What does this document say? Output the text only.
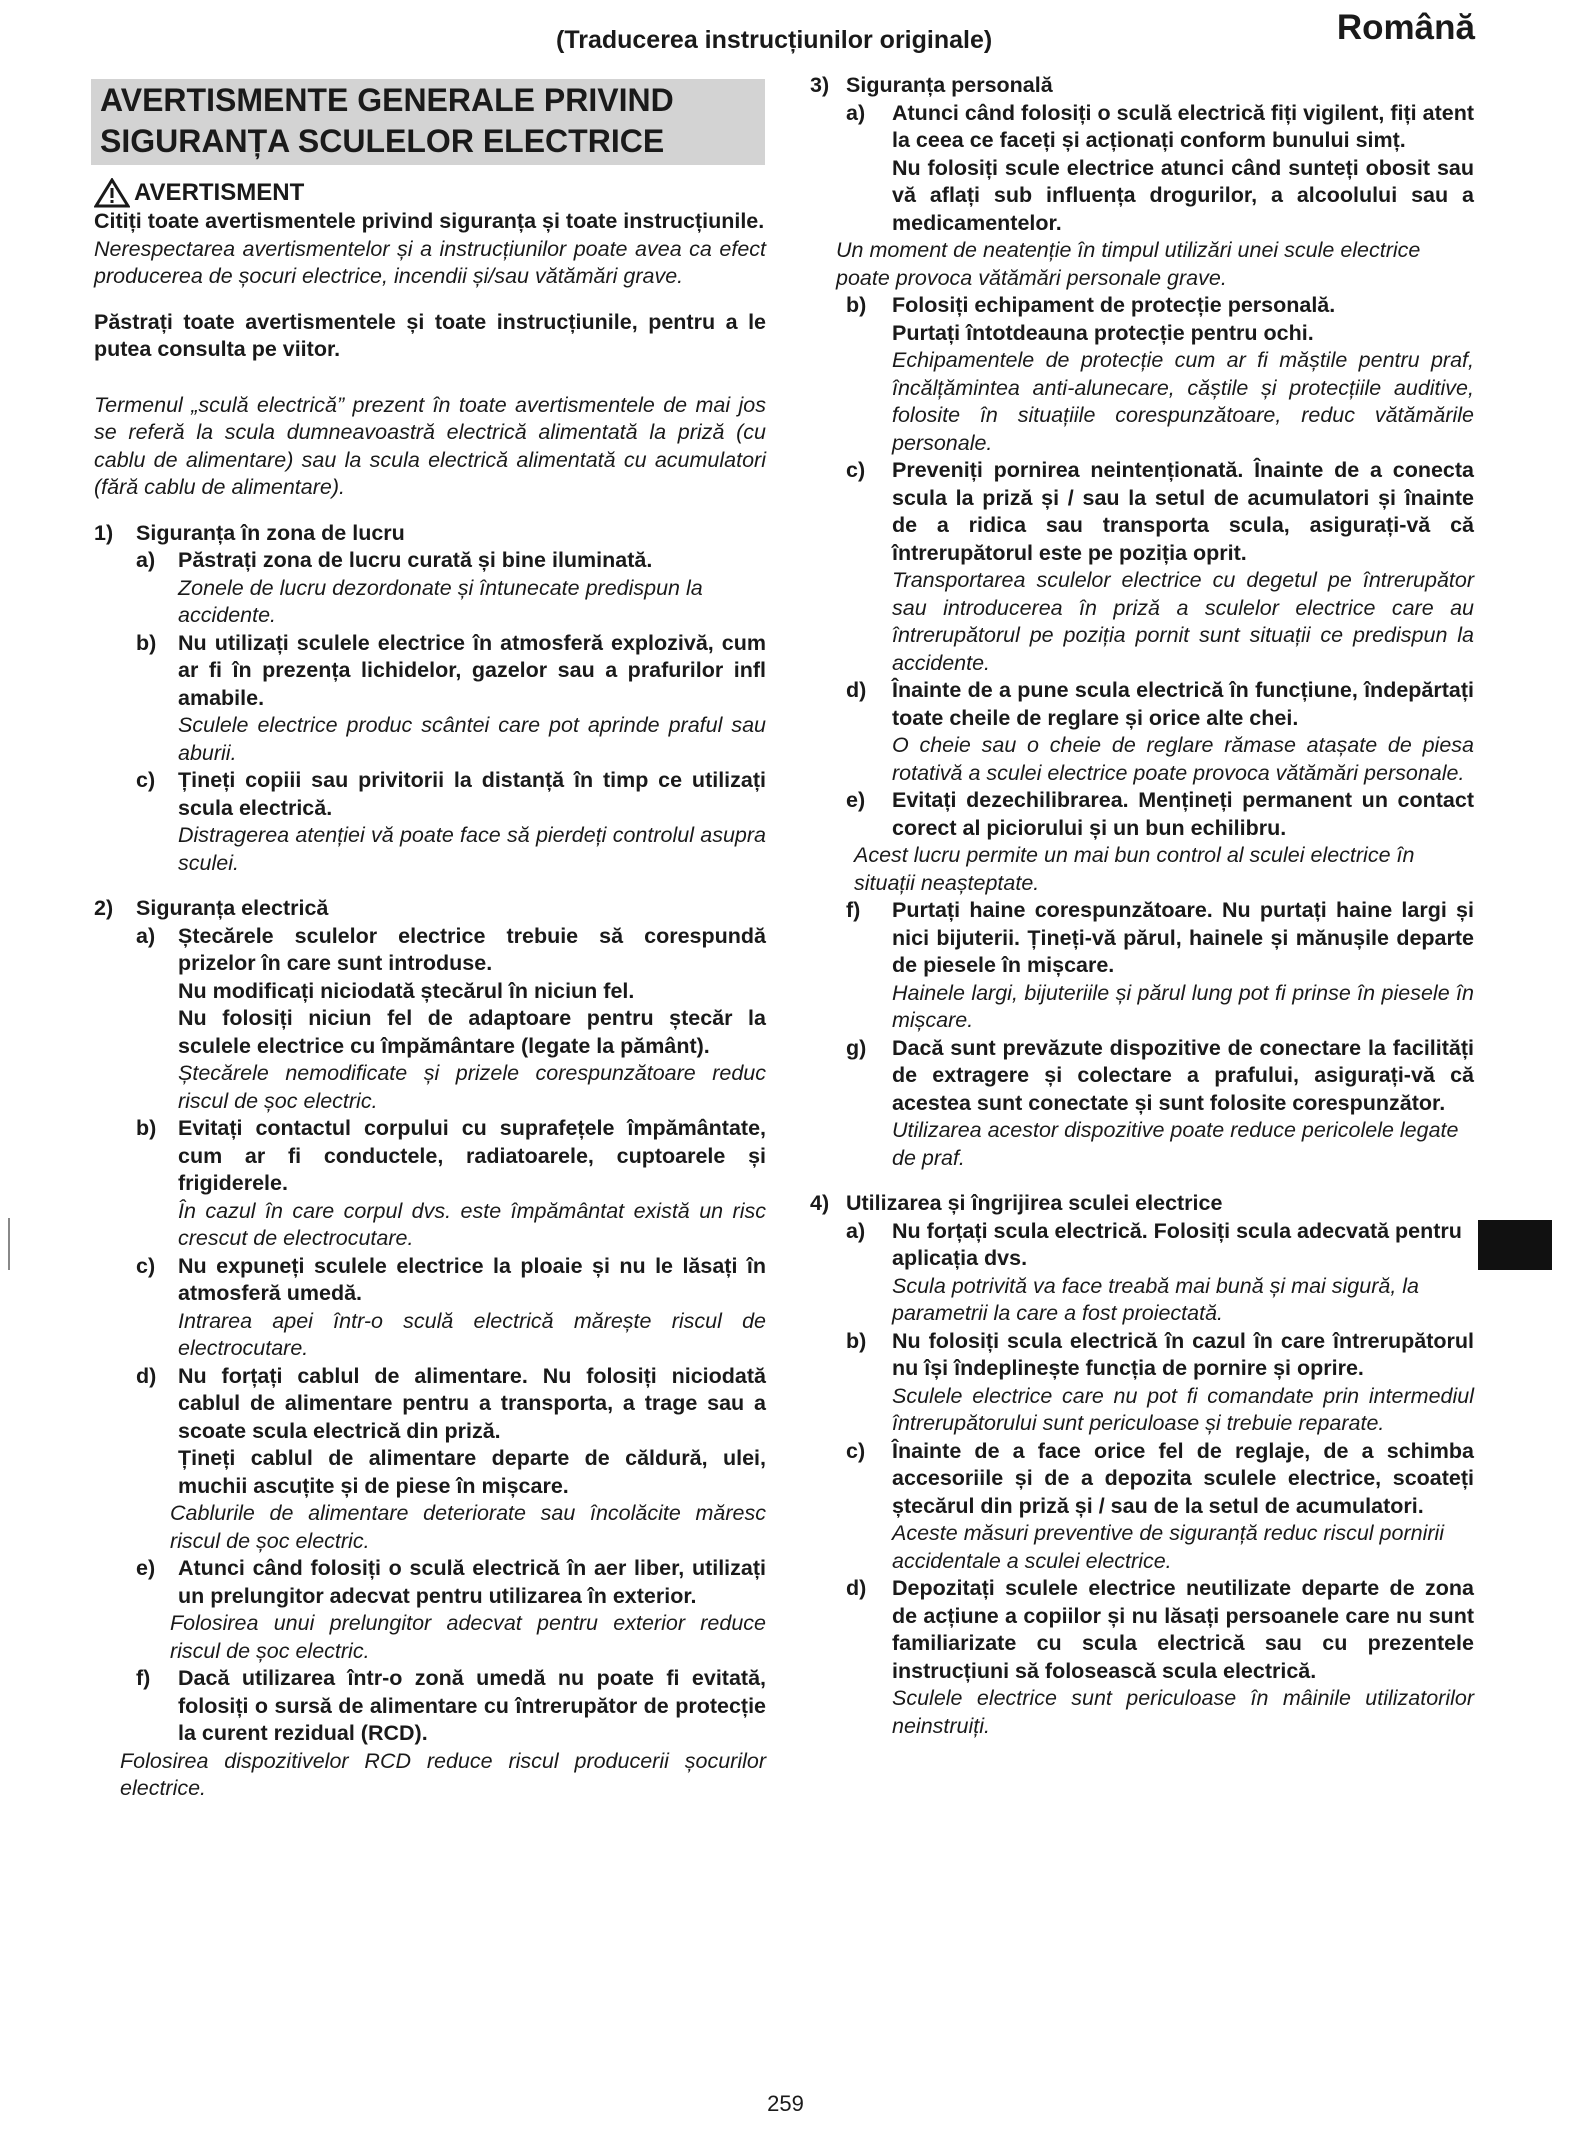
(Traducerea instrucțiunilor originale)	Română
AVERTISMENTE GENERALE PRIVIND
SIGURANȚA SCULELOR ELECTRICE
AVERTISMENT

Citiți toate avertismentele privind siguranța și toate instrucțiunile.

Nerespectarea avertismentelor și a instrucțiunilor poate avea ca efect producerea de șocuri electrice, incendii și/sau vătămări grave.

Păstrați toate avertismentele și toate instrucțiunile, pentru a le putea consulta pe viitor.

Termenul „sculă electrică” prezent în toate avertismentele de mai jos se referă la scula dumneavoastră electrică alimentată la priză (cu cablu de alimentare) sau la scula electrică alimentată cu acumulatori (fără cablu de alimentare).

1)	Siguranța în zona de lucru
a)	Păstrați zona de lucru curată și bine iluminată.

Zonele de lucru dezordonate și întunecate predispun la accidente.

b)	Nu utilizați sculele electrice în atmosferă explozivă, cum ar fi în prezența lichidelor, gazelor sau a prafurilor infl amabile.

Sculele electrice produc scântei care pot aprinde praful sau aburii.

c)	Țineți copiii sau privitorii la distanță în timp ce utilizați scula electrică.

Distragerea atenției vă poate face să pierdeți controlul asupra sculei.

2)	Siguranța electrică
a)	Ștecărele sculelor electrice trebuie să corespundă prizelor în care sunt introduse.

Nu modificați niciodată ștecărul în niciun fel.

Nu folosiți niciun fel de adaptoare pentru ștecăr la sculele electrice cu împământare (legate la pământ).

Ștecărele nemodificate și prizele corespunzătoare reduc riscul de șoc electric.

b)	Evitați contactul corpului cu suprafețele împământate, cum ar fi conductele, radiatoarele, cuptoarele și frigiderele.

În cazul în care corpul dvs. este împământat există un risc crescut de electrocutare.

c)	Nu expuneți sculele electrice la ploaie și nu le lăsați în atmosferă umedă.

Intrarea apei într-o sculă electrică mărește riscul de electrocutare.

d)	Nu forțați cablul de alimentare. Nu folosiți niciodată cablul de alimentare pentru a transporta, a trage sau a scoate scula electrică din priză.

Țineți cablul de alimentare departe de căldură, ulei, muchii ascuțite și de piese în mișcare.

Cablurile de alimentare deteriorate sau încolăcite măresc riscul de șoc electric.

e)	Atunci când folosiți o sculă electrică în aer liber, utilizați un prelungitor adecvat pentru utilizarea în exterior.

Folosirea unui prelungitor adecvat pentru exterior reduce riscul de șoc electric.

f)	Dacă utilizarea într-o zonă umedă nu poate fi evitată, folosiți o sursă de alimentare cu întrerupător de protecție la curent rezidual (RCD).

Folosirea dispozitivelor RCD reduce riscul producerii șocurilor electrice.

3) Siguranța personală
a)	Atunci când folosiți o sculă electrică fiți vigilent, fiți atent la ceea ce faceți și acționați conform bunului simț.

Nu folosiți scule electrice atunci când sunteți obosit sau vă aflați sub influența drogurilor, a alcoolului sau a medicamentelor.

Un moment de neatenție în timpul utilizări unei scule electrice poate provoca vătămări personale grave.

b)	Folosiți echipament de protecție personală.

Purtați întotdeauna protecție pentru ochi.

Echipamentele de protecție cum ar fi măștile pentru praf, încălțămintea anti-alunecare, căștile și protecțiile auditive, folosite în situațiile corespunzătoare, reduc vătămările personale.

c)	Preveniți pornirea neintenționată. Înainte de a conecta scula la priză și / sau la setul de acumulatori și înainte de a ridica sau transporta scula, asigurați-vă că întrerupătorul este pe poziția oprit.

Transportarea sculelor electrice cu degetul pe întrerupător sau introducerea în priză a sculelor electrice care au întrerupătorul pe poziția pornit sunt situații ce predispun la accidente.

d)	Înainte de a pune scula electrică în funcțiune, îndepărtați toate cheile de reglare și orice alte chei.

O cheie sau o cheie de reglare rămase atașate de piesa rotativă a sculei electrice poate provoca vătămări personale.

e)	Evitați dezechilibrarea. Mențineți permanent un contact corect al piciorului și un bun echilibru.

Acest lucru permite un mai bun control al sculei electrice în situații neașteptate.

f)	Purtați haine corespunzătoare. Nu purtați haine largi și nici bijuterii. Țineți-vă părul, hainele și mănușile departe de piesele în mișcare.

Hainele largi, bijuteriile și părul lung pot fi prinse în piesele în mișcare.

g)	Dacă sunt prevăzute dispozitive de conectare la facilități de extragere și colectare a prafului, asigurați-vă că acestea sunt conectate și sunt folosite corespunzător.

Utilizarea acestor dispozitive poate reduce pericolele legate de praf.

4) Utilizarea și îngrijirea sculei electrice
a)	Nu forțați scula electrică. Folosiți scula adecvată pentru aplicația dvs.

Scula potrivită va face treabă mai bună și mai sigură, la parametrii la care a fost proiectată.

b)	Nu folosiți scula electrică în cazul în care întrerupătorul nu își îndeplinește funcția de pornire și oprire.

Sculele electrice care nu pot fi comandate prin intermediul întrerupătorului sunt periculoase și trebuie reparate.

c)	Înainte de a face orice fel de reglaje, de a schimba accesoriile și de a depozita sculele electrice, scoateți ștecărul din priză și / sau de la setul de acumulatori.

Aceste măsuri preventive de siguranță reduc riscul pornirii accidentale a sculei electrice.

d)	Depozitați sculele electrice neutilizate departe de zona de acțiune a copiilor și nu lăsați persoanele care nu sunt familiarizate cu scula electrică sau cu prezentele instrucțiuni să folosească scula electrică.

Sculele electrice sunt periculoase în mâinile utilizatorilor neinstruiți.

259
